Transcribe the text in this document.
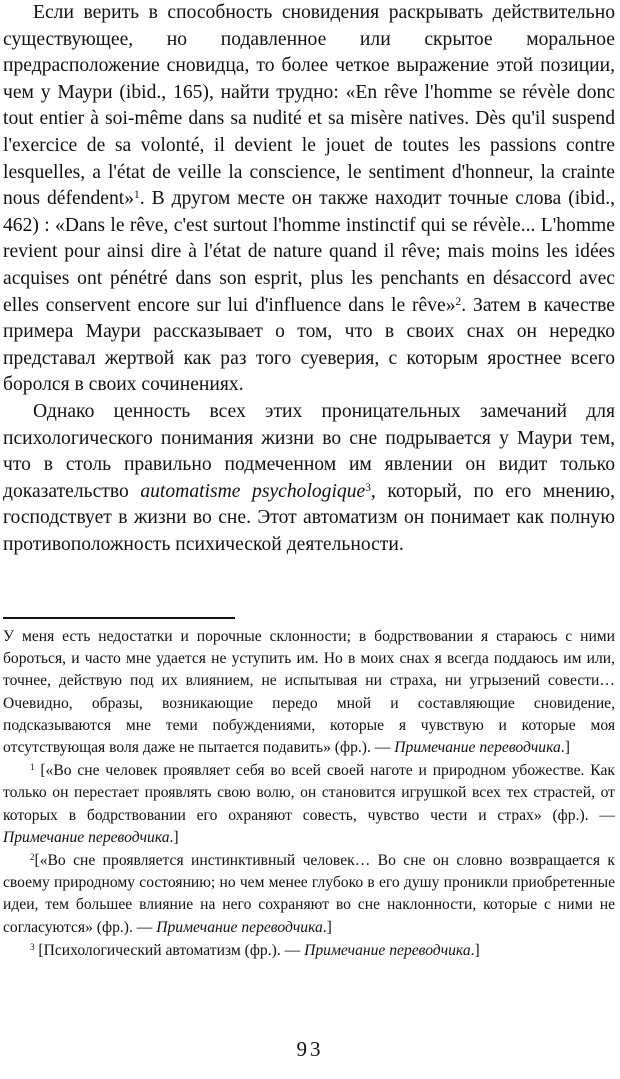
Если верить в способность сновидения раскрывать действительно существующее, но подавленное или скрытое моральное предрасположение сновидца, то более четкое выражение этой позиции, чем у Маури (ibid., 165), найти трудно: «En rêve l'homme se révèle donc tout entier à soi-même dans sa nudité et sa misère natives. Dès qu'il suspend l'exercice de sa volonté, il devient le jouet de toutes les passions contre lesquelles, a l'état de veille la conscience, le sentiment d'honneur, la crainte nous défendent»$^1$. В другом месте он также находит точные слова (ibid., 462) : «Dans le rêve, c'est surtout l'homme instinctif qui se révèle... L'homme revient pour ainsi dire à l'état de nature quand il rêve; mais moins les idées acquises ont pénétré dans son esprit, plus les penchants en désaccord avec elles conservent encore sur lui d'influence dans le rêve»$^2$. Затем в качестве примера Маури рассказывает о том, что в своих снах он нередко представал жертвой как раз того суеверия, с которым яростнее всего боролся в своих сочинениях.

Однако ценность всех этих проницательных замечаний для психологического понимания жизни во сне подрывается у Маури тем, что в столь правильно подмеченном им явлении он видит только доказательство automatisme psychologique$^3$, который, по его мнению, господствует в жизни во сне. Этот автоматизм он понимает как полную противоположность психической деятельности.

У меня есть недостатки и порочные склонности; в бодрствовании я стараюсь с ними бороться, и часто мне удается не уступить им. Но в моих снах я всегда поддаюсь им или, точнее, действую под их влиянием, не испытывая ни страха, ни угрызений совести… Очевидно, образы, возникающие передо мной и составляющие сновидение, подсказываются мне теми побуждениями, которые я чувствую и которые моя отсутствующая воля даже не пытается подавить» (фр.). — Примечание переводчика.]

$^1$ [«Во сне человек проявляет себя во всей своей наготе и природном убожестве. Как только он перестает проявлять свою волю, он становится игрушкой всех тех страстей, от которых в бодрствовании его охраняют совесть, чувство чести и страх» (фр.). — Примечание переводчика.]

$^2$[«Во сне проявляется инстинктивный человек… Во сне он словно возвращается к своему природному состоянию; но чем менее глубоко в его душу проникли приобретенные идеи, тем большее влияние на него сохраняют во сне наклонности, которые с ними не согласуются» (фр.). — Примечание переводчика.]

$^3$ [Психологический автоматизм (фр.). — Примечание переводчика.]

93
